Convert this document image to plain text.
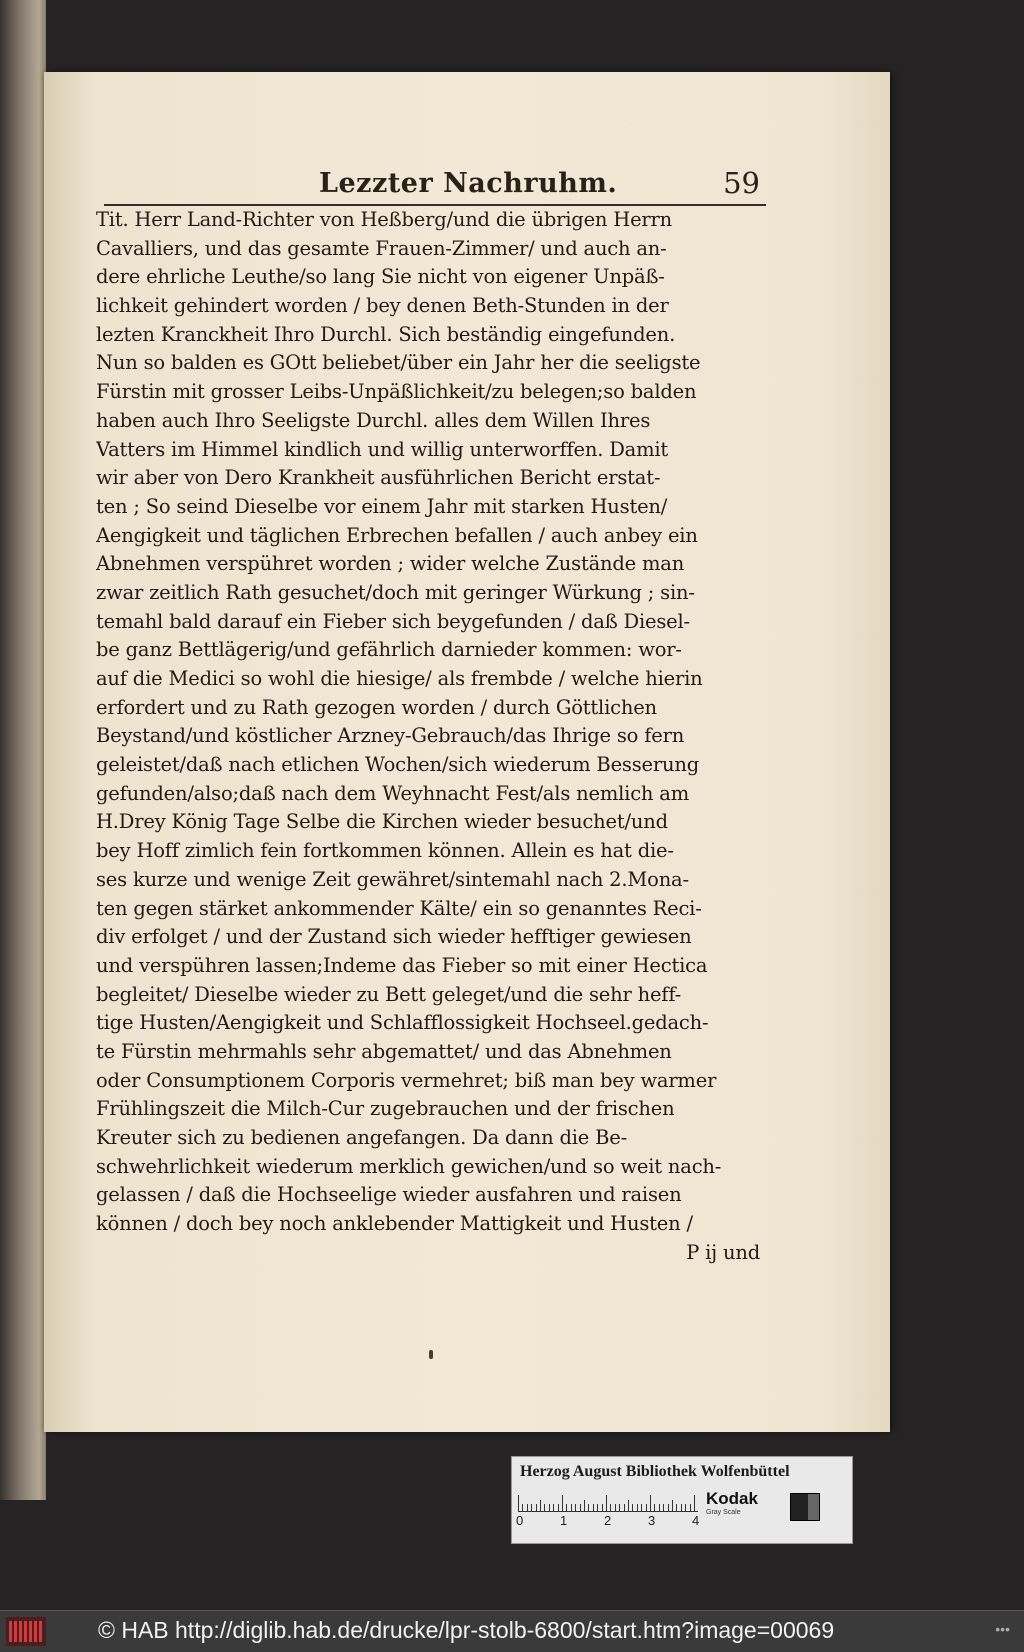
Lezzter Nachruhm.	59
Tit. Herr Land-Richter von Heßberg/und die übrigen Herrn
Cavalliers, und das gesamte Frauen-Zimmer/ und auch an-
dere ehrliche Leuthe/so lang Sie nicht von eigener Unpäß-
lichkeit gehindert worden / bey denen Beth-Stunden in der
lezten Kranckheit Ihro Durchl. Sich beständig eingefunden.
Nun so balden es GOtt beliebet/über ein Jahr her die seeligste
Fürstin mit grosser Leibs-Unpäßlichkeit/zu belegen;so balden
haben auch Ihro Seeligste Durchl. alles dem Willen Ihres
Vatters im Himmel kindlich und willig unterworffen. Damit
wir aber von Dero Krankheit ausführlichen Bericht erstat-
ten ; So seind Dieselbe vor einem Jahr mit starken Husten/
Aengigkeit und täglichen Erbrechen befallen / auch anbey ein
Abnehmen verspühret worden ; wider welche Zustände man
zwar zeitlich Rath gesuchet/doch mit geringer Würkung ; sin-
temahl bald darauf ein Fieber sich beygefunden / daß Diesel-
be ganz Bettlägerig/und gefährlich darnieder kommen: wor-
auf die Medici so wohl die hiesige/ als frembde / welche hierin
erfordert und zu Rath gezogen worden / durch Göttlichen
Beystand/und köstlicher Arzney-Gebrauch/das Ihrige so fern
geleistet/daß nach etlichen Wochen/sich wiederum Besserung
gefunden/also;daß nach dem Weyhnacht Fest/als nemlich am
H.Drey König Tage Selbe die Kirchen wieder besuchet/und
bey Hoff zimlich fein fortkommen können. Allein es hat die-
ses kurze und wenige Zeit gewähret/sintemahl nach 2.Mona-
ten gegen stärket ankommender Kälte/ ein so genanntes Reci-
div erfolget / und der Zustand sich wieder hefftiger gewiesen
und verspühren lassen;Indeme das Fieber so mit einer Hectica
begleitet/ Dieselbe wieder zu Bett geleget/und die sehr heff-
tige Husten/Aengigkeit und Schlafflossigkeit Hochseel.gedach-
te Fürstin mehrmahls sehr abgemattet/ und das Abnehmen
oder Consumptionem Corporis vermehret; biß man bey warmer
Frühlingszeit die Milch-Cur zugebrauchen und der frischen
Kreuter sich zu bedienen angefangen. Da dann die Be-
schwehrlichkeit wiederum merklich gewichen/und so weit nach-
gelassen / daß die Hochseelige wieder ausfahren und raisen
können / doch bey noch anklebender Mattigkeit und Husten /
P ij und
Herzog August Bibliothek Wolfenbüttel
0	1	2	3	4
Kodak
Gray Scale
© HAB http://diglib.hab.de/drucke/lpr-stolb-6800/start.htm?image=00069	•••
